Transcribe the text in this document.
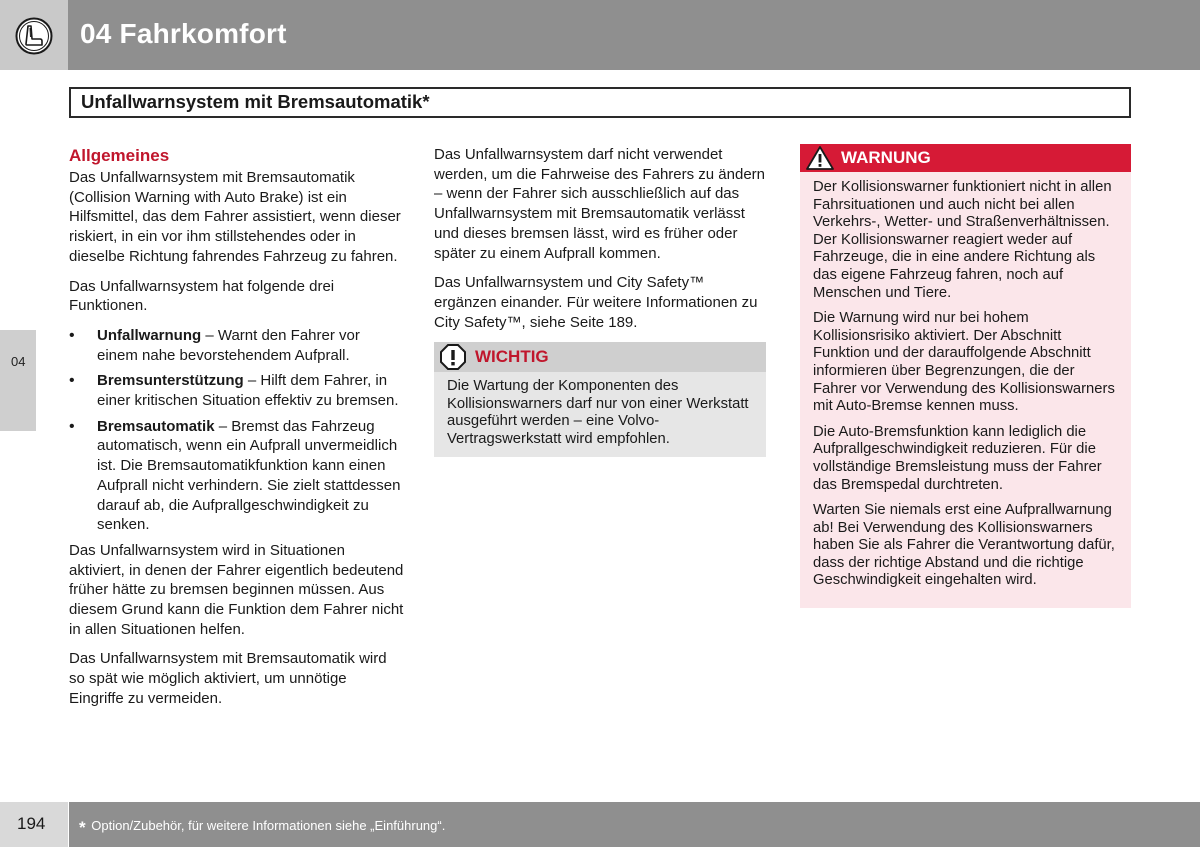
04 Fahrkomfort
Unfallwarnsystem mit Bremsautomatik*
04
Allgemeines

Das Unfallwarnsystem mit Bremsautomatik (Collision Warning with Auto Brake) ist ein Hilfsmittel, das dem Fahrer assistiert, wenn dieser riskiert, in ein vor ihm stillstehendes oder in dieselbe Richtung fahrendes Fahrzeug zu fahren.

Das Unfallwarnsystem hat folgende drei Funktionen.

• Unfallwarnung – Warnt den Fahrer vor einem nahe bevorstehendem Aufprall.
• Bremsunterstützung – Hilft dem Fahrer, in einer kritischen Situation effektiv zu bremsen.
• Bremsautomatik – Bremst das Fahrzeug automatisch, wenn ein Aufprall unvermeidlich ist. Die Bremsautomatikfunktion kann einen Aufprall nicht verhindern. Sie zielt stattdessen darauf ab, die Aufprallgeschwindigkeit zu senken.

Das Unfallwarnsystem wird in Situationen aktiviert, in denen der Fahrer eigentlich bedeutend früher hätte zu bremsen beginnen müssen. Aus diesem Grund kann die Funktion dem Fahrer nicht in allen Situationen helfen.

Das Unfallwarnsystem mit Bremsautomatik wird so spät wie möglich aktiviert, um unnötige Eingriffe zu vermeiden.

Das Unfallwarnsystem darf nicht verwendet werden, um die Fahrweise des Fahrers zu ändern – wenn der Fahrer sich ausschließlich auf das Unfallwarnsystem mit Bremsautomatik verlässt und dieses bremsen lässt, wird es früher oder später zu einem Aufprall kommen.

Das Unfallwarnsystem und City Safety™ ergänzen einander. Für weitere Informationen zu City Safety™, siehe Seite 189.

WICHTIG

Die Wartung der Komponenten des Kollisionswarners darf nur von einer Werkstatt ausgeführt werden – eine Volvo-Vertragswerkstatt wird empfohlen.

WARNUNG

Der Kollisionswarner funktioniert nicht in allen Fahrsituationen und auch nicht bei allen Verkehrs-, Wetter- und Straßenverhältnissen. Der Kollisionswarner reagiert weder auf Fahrzeuge, die in eine andere Richtung als das eigene Fahrzeug fahren, noch auf Menschen und Tiere.

Die Warnung wird nur bei hohem Kollisionsrisiko aktiviert. Der Abschnitt Funktion und der darauffolgende Abschnitt informieren über Begrenzungen, die der Fahrer vor Verwendung des Kollisionswarners mit Auto-Bremse kennen muss.

Die Auto-Bremsfunktion kann lediglich die Aufprallgeschwindigkeit reduzieren. Für die vollständige Bremsleistung muss der Fahrer das Bremspedal durchtreten.

Warten Sie niemals erst eine Aufprallwarnung ab! Bei Verwendung des Kollisionswarners haben Sie als Fahrer die Verantwortung dafür, dass der richtige Abstand und die richtige Geschwindigkeit eingehalten wird.

194 * Option/Zubehör, für weitere Informationen siehe „Einführung“.
